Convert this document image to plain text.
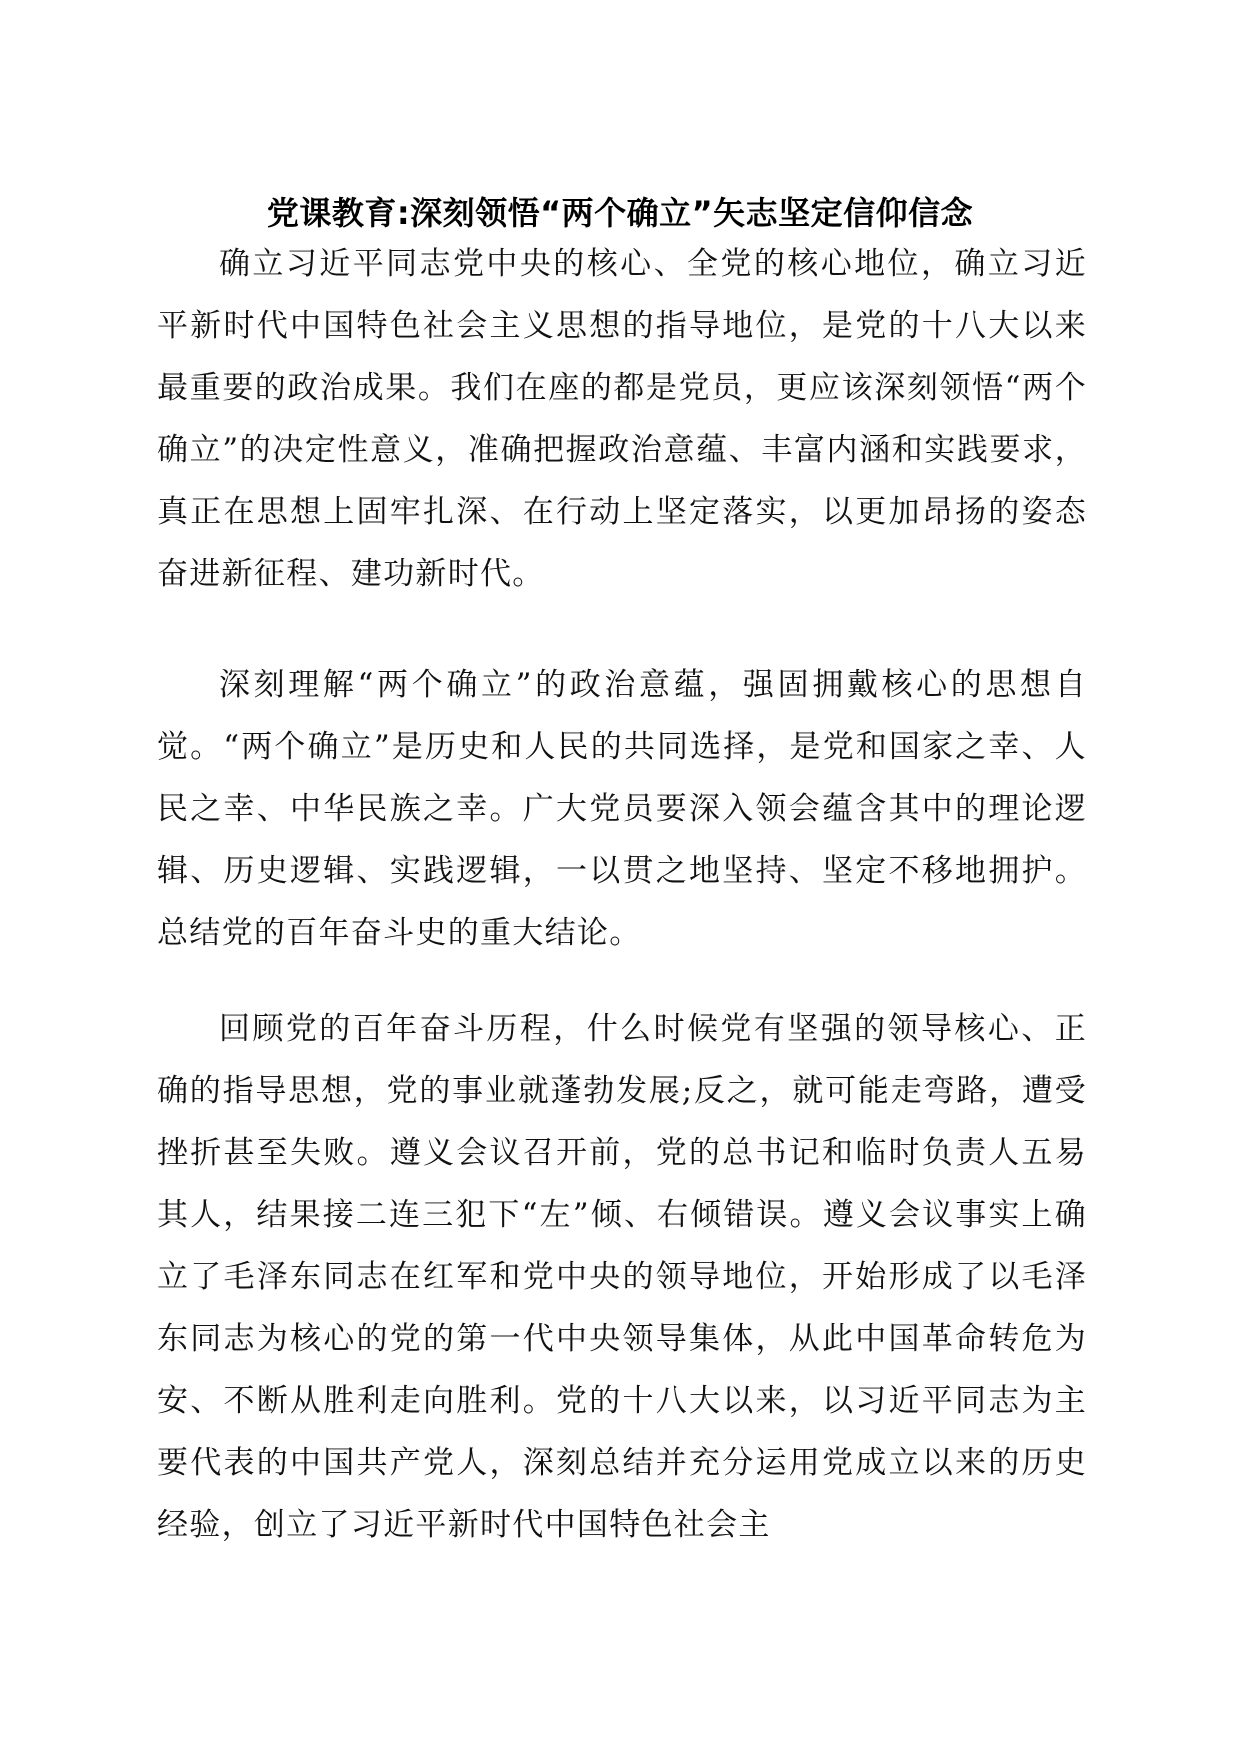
党课教育:深刻领悟“两个确立”矢志坚定信仰信念

确立习近平同志党中央的核心、全党的核心地位，确立习近平新时代中国特色社会主义思想的指导地位，是党的十八大以来最重要的政治成果。我们在座的都是党员，更应该深刻领悟“两个确立”的决定性意义，准确把握政治意蕴、丰富内涵和实践要求，真正在思想上固牢扎深、在行动上坚定落实，以更加昂扬的姿态奋进新征程、建功新时代。

深刻理解“两个确立”的政治意蕴，强固拥戴核心的思想自觉。“两个确立”是历史和人民的共同选择，是党和国家之幸、人民之幸、中华民族之幸。广大党员要深入领会蕴含其中的理论逻辑、历史逻辑、实践逻辑，一以贯之地坚持、坚定不移地拥护。总结党的百年奋斗史的重大结论。

回顾党的百年奋斗历程，什么时候党有坚强的领导核心、正确的指导思想，党的事业就蓬勃发展;反之，就可能走弯路，遭受挫折甚至失败。遵义会议召开前，党的总书记和临时负责人五易其人，结果接二连三犯下“左”倾、右倾错误。遵义会议事实上确立了毛泽东同志在红军和党中央的领导地位，开始形成了以毛泽东同志为核心的党的第一代中央领导集体，从此中国革命转危为安、不断从胜利走向胜利。党的十八大以来，以习近平同志为主要代表的中国共产党人，深刻总结并充分运用党成立以来的历史经验，创立了习近平新时代中国特色社会主
